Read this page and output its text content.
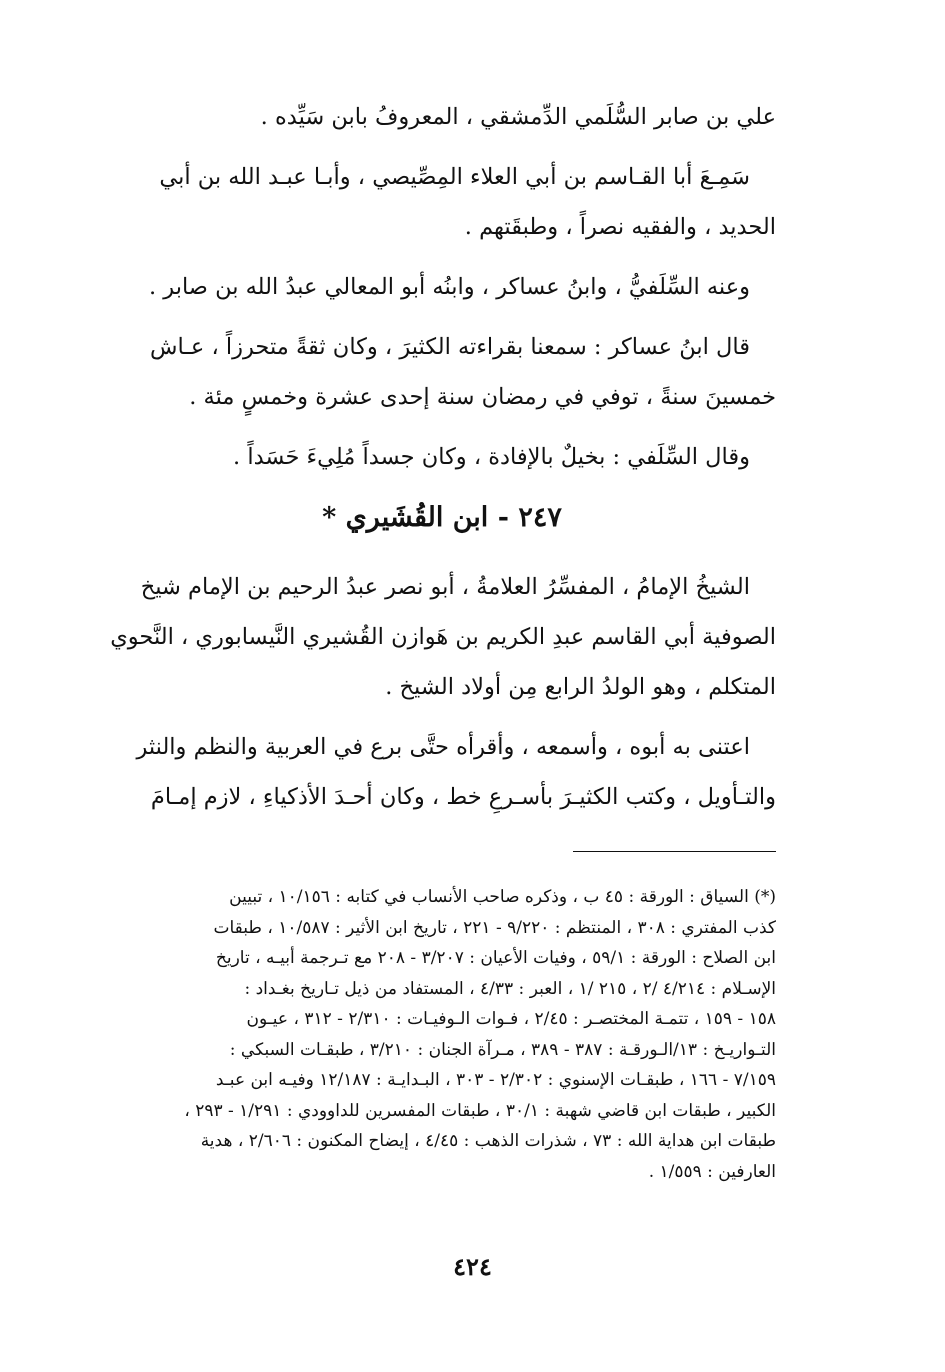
علي بن صابر السُّلَمي الدِّمشقي ، المعروفُ بابن سَيِّده .

سَمِـعَ أبا القـاسم بن أبي العلاء المِصِّيصي ، وأبـا عبـد الله بن أبي

الحديد ، والفقيه نصراً ، وطبقَتهم .

وعنه السِّلَفيُّ ، وابنُ عساكر ، وابنُه أبو المعالي عبدُ الله بن صابر .

قال ابنُ عساكر : سمعنا بقراءته الكثيرَ ، وكان ثقةً متحرزاً ، عـاش

خمسينَ سنةً ، توفي في رمضان سنة إحدى عشرة وخمسٍ مئة .

وقال السِّلَفي : بخيلٌ بالإفادة ، وكان جسداً مُلِيءَ حَسَداً .

٢٤٧ - ابن القُشَيري *

الشيخُ الإمامُ ، المفسِّرُ العلامةُ ، أبو نصر عبدُ الرحيم بن الإمام شيخ

الصوفية أبي القاسم عبدِ الكريم بن هَوازن القُشيري النَّيسابوري ، النَّحوي

المتكلم ، وهو الولدُ الرابع مِن أولاد الشيخ .

اعتنى به أبوه ، وأسمعه ، وأقرأه حتَّى برع في العربية والنظم والنثر

والتـأويل ، وكتب الكثيـرَ بأسـرعِ خط ، وكان أحـدَ الأذكياءِ ، لازم إمـامَ

(*) السياق : الورقة : ٤٥ ب ، وذكره صاحب الأنساب في كتابه : ١٠/١٥٦ ، تبيين

كذب المفتري : ٣٠٨ ، المنتظم : ٩/٢٢٠ - ٢٢١ ، تاريخ ابن الأثير : ١٠/٥٨٧ ، طبقات

ابن الصلاح : الورقة : ٥٩/١ ، وفيات الأعيان : ٣/٢٠٧ - ٢٠٨ مع تـرجمة أبيـه ، تاريخ

الإسـلام : ٤/٢١٤ /٢ ، ٢١٥ /١ ، العبر : ٤/٣٣ ، المستفاد من ذيل تـاريخ بغـداد :

١٥٨ - ١٥٩ ، تتمـة المختصـر : ٢/٤٥ ، فـوات الـوفيـات : ٢/٣١٠ - ٣١٢ ، عيـون

التـواريـخ : ١٣/الـورقـة : ٣٨٧ - ٣٨٩ ، مـرآة الجنان : ٣/٢١٠ ، طبقـات السبكي :

٧/١٥٩ - ١٦٦ ، طبقـات الإسنوي : ٢/٣٠٢ - ٣٠٣ ، البـدايـة : ١٢/١٨٧ وفيـه ابن عبـد

الكبير ، طبقات ابن قاضي شهبة : ٣٠/١ ، طبقات المفسرين للداوودي : ١/٢٩١ - ٢٩٣ ،

طبقات ابن هداية الله : ٧٣ ، شذرات الذهب : ٤/٤٥ ، إيضاح المكنون : ٢/٦٠٦ ، هدية

العارفين : ١/٥٥٩ .

٤٢٤
